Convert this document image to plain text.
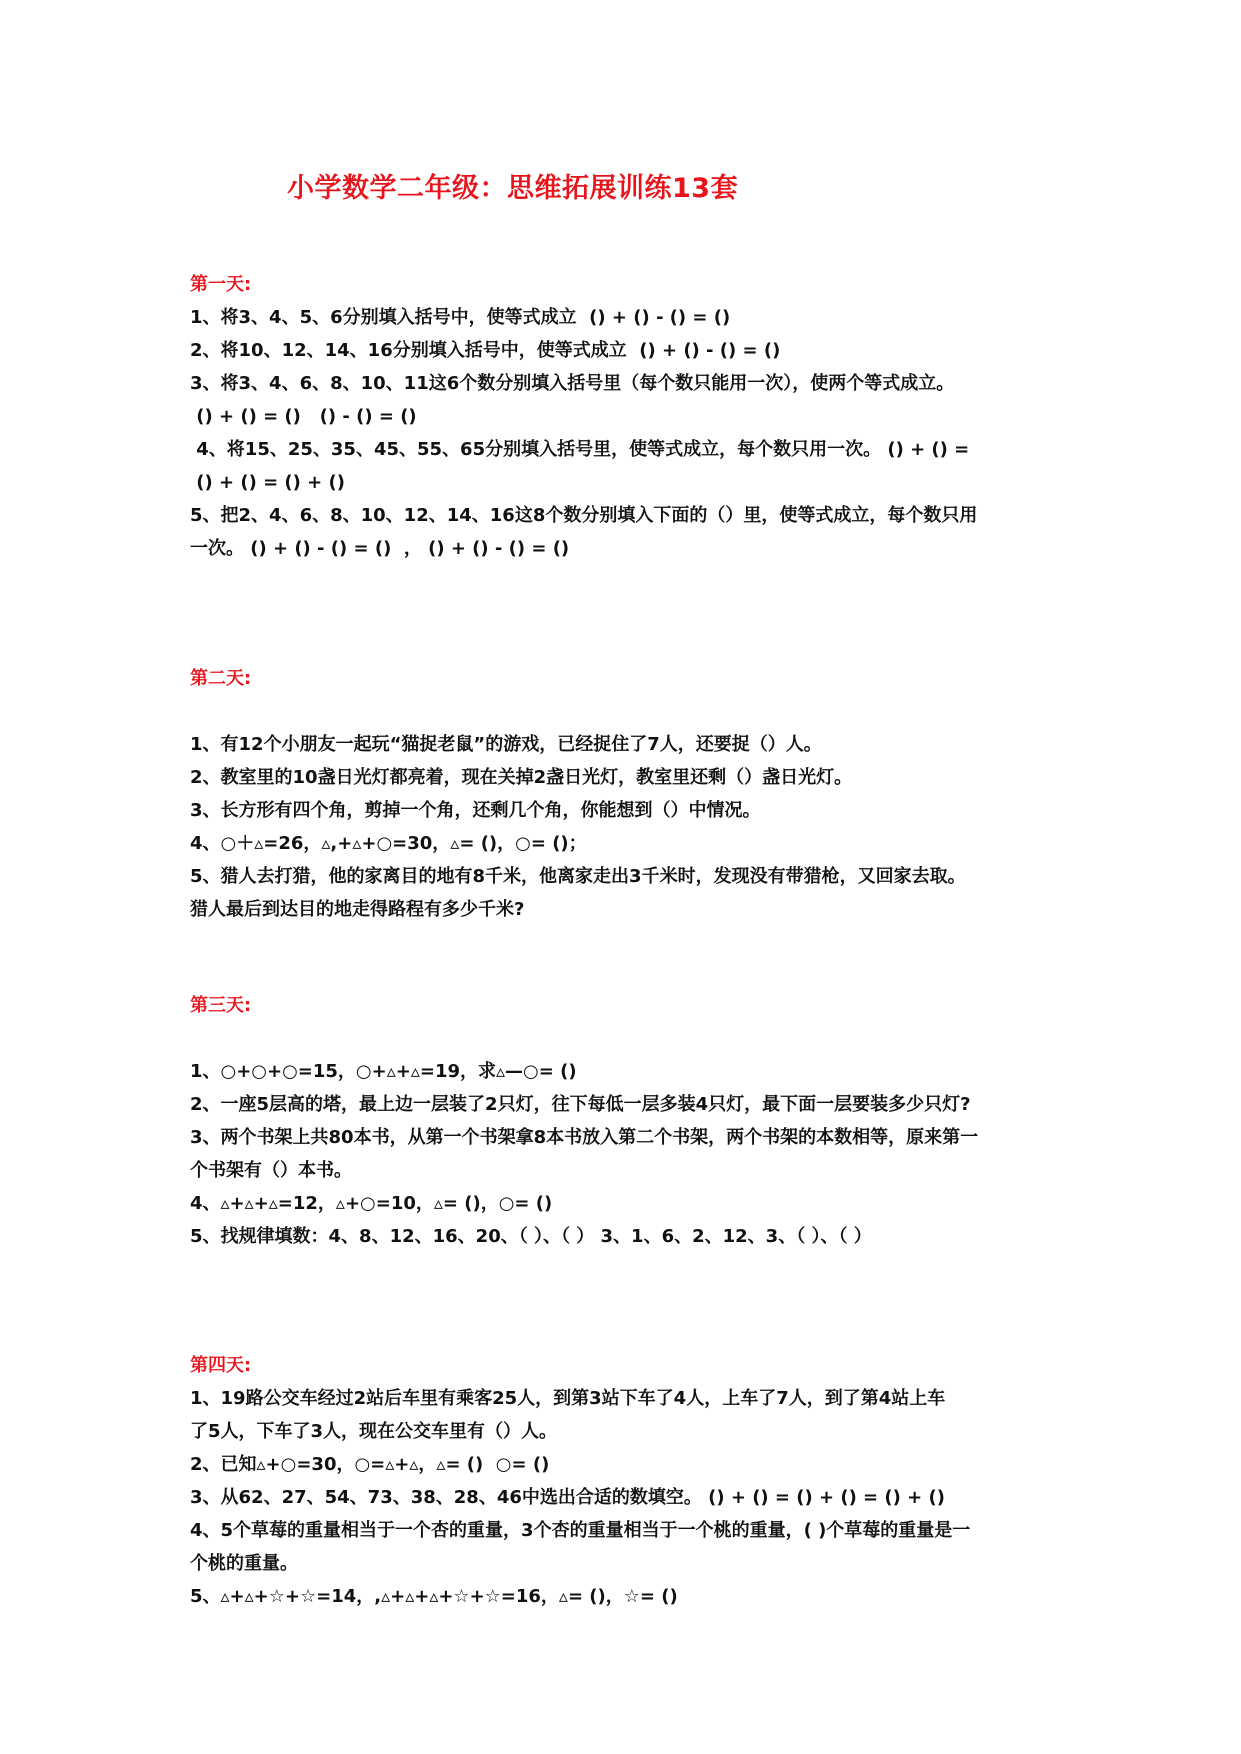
小学数学二年级：思维拓展训练13套
第一天:
1、将3、4、5、6分别填入括号中，使等式成立  () + () - () = ()
2、将10、12、14、16分别填入括号中，使等式成立  () + () - () = ()
3、将3、4、6、8、10、11这6个数分别填入括号里（每个数只能用一次），使两个等式成立。
() + () = ()   () - () = ()
4、将15、25、35、45、55、65分别填入括号里，使等式成立，每个数只用一次。 () + () =
() + () = () + ()
5、把2、4、6、8、10、12、14、16这8个数分别填入下面的（）里，使等式成立，每个数只用
一次。 () + () - () = ()  ， () + () - () = ()
第二天:
1、有12个小朋友一起玩“猫捉老鼠”的游戏，已经捉住了7人，还要捉（）人。
2、教室里的10盏日光灯都亮着，现在关掉2盏日光灯，教室里还剩（）盏日光灯。
3、长方形有四个角，剪掉一个角，还剩几个角，你能想到（）中情况。
4、○＋▵=26，▵,+▵+○=30，▵= ()，○= ()；
5、猎人去打猎，他的家离目的地有8千米，他离家走出3千米时，发现没有带猎枪，又回家去取。
猎人最后到达目的地走得路程有多少千米?
第三天:
1、○+○+○=15，○+▵+▵=19，求▵—○= ()
2、一座5层高的塔，最上边一层装了2只灯，往下每低一层多装4只灯，最下面一层要装多少只灯?
3、两个书架上共80本书，从第一个书架拿8本书放入第二个书架，两个书架的本数相等，原来第一
个书架有（）本书。
4、▵+▵+▵=12，▵+○=10，▵= ()，○= ()
5、找规律填数：4、8、12、16、20、（ ）、（ ） 3、1、6、2、12、3、（ ）、（ ）
第四天:
1、19路公交车经过2站后车里有乘客25人，到第3站下车了4人，上车了7人，到了第4站上车
了5人，下车了3人，现在公交车里有（）人。
2、已知▵+○=30，○=▵+▵，▵= ()  ○= ()
3、从62、27、54、73、38、28、46中选出合适的数填空。 () + () = () + () = () + ()
4、5个草莓的重量相当于一个杏的重量，3个杏的重量相当于一个桃的重量，( )个草莓的重量是一
个桃的重量。
5、▵+▵+☆+☆=14，,▵+▵+▵+☆+☆=16，▵= ()，☆= ()
